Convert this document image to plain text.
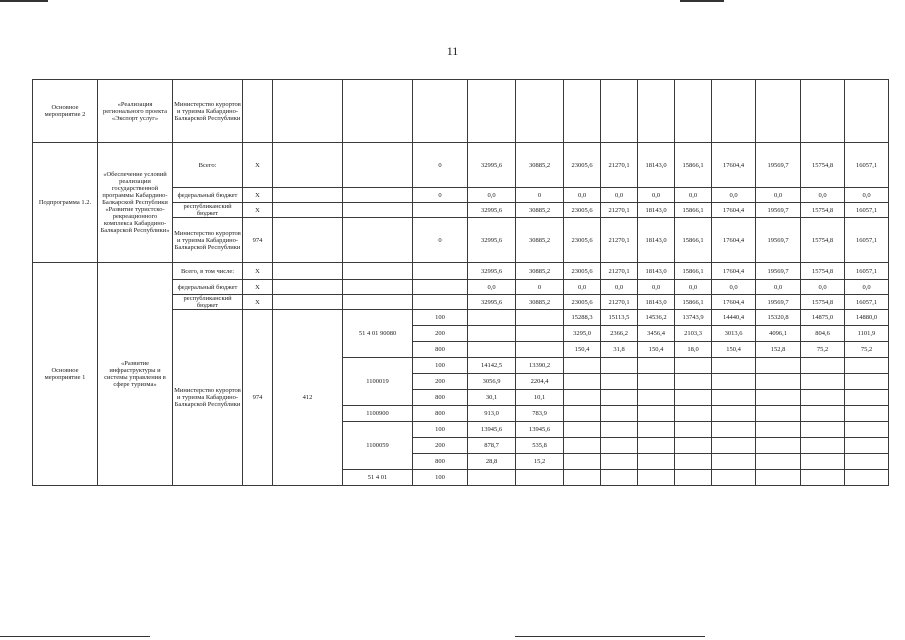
11
Основное мероприятие 2	«Реализация регионального проекта «Экспорт услуг»	Министерство курортов и туризма Кабардино-Балкарской Республики														
Подпрограмма 1.2.	«Обеспечение условий реализации государственной программы Кабардино-Балкарской Республики «Развитие туристско-рекреационного комплекса Кабардино-Балкарской Республики»	Всего:	X			0	32995,6	30885,2	23005,6	21270,1	18143,0	15866,1	17604,4	19569,7	15754,8	16057,1
		федеральный бюджет	X			0	0,0	0	0,0	0,0	0,0	0,0	0,0	0,0	0,0	0,0
		республиканский бюджет	X				32995,6	30885,2	23005,6	21270,1	18143,0	15866,1	17604,4	19569,7	15754,8	16057,1
		Министерство курортов и туризма Кабардино-Балкарской Республики	974			0	32995,6	30885,2	23005,6	21270,1	18143,0	15866,1	17604,4	19569,7	15754,8	16057,1
Основное мероприятие 1	«Развитие инфраструктуры и системы управления в сфере туризма»	Всего, в том числе:	X				32995,6	30885,2	23005,6	21270,1	18143,0	15866,1	17604,4	19569,7	15754,8	16057,1
		федеральный бюджет	X				0,0	0	0,0	0,0	0,0	0,0	0,0	0,0	0,0	0,0
		республиканский бюджет	X				32995,6	30885,2	23005,6	21270,1	18143,0	15866,1	17604,4	19569,7	15754,8	16057,1
		Министерство курортов и туризма Кабардино-Балкарской Республики	974	412	51 4 01 90080	100			15288,3	15113,5	14536,2	13743,9	14440,4	15320,8	14875,0	14880,0
						200			3295,0	2366,2	3456,4	2103,3	3013,6	4096,1	804,6	1101,9
						800			150,4	31,8	150,4	18,0	150,4	152,8	75,2	75,2
					1100019	100	14142,5	13390,2								
						200	3056,9	2204,4								
						800	30,1	10,1								
					1100900	800	913,0	783,9								
					1100059	100	13945,6	13945,6								
						200	878,7	535,8								
						800	28,8	15,2								
					51 4 01	100										
